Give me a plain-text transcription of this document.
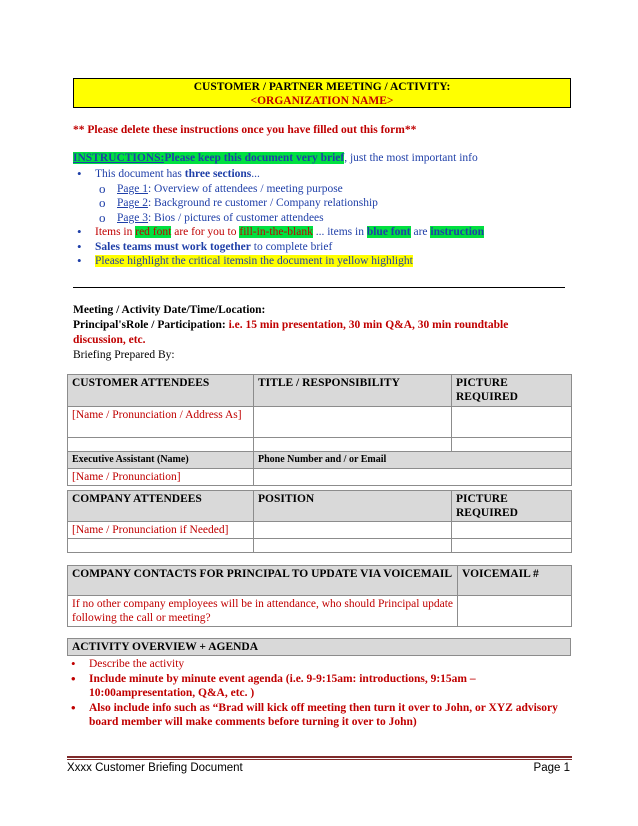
CUSTOMER / PARTNER MEETING / ACTIVITY:
<ORGANIZATION NAME>
** Please delete these instructions once you have filled out this form**
INSTRUCTIONS:Please keep this document very brief, just the most important info
• This document has three sections...
o Page 1: Overview of attendees / meeting purpose
o Page 2: Background re customer / Company relationship
o Page 3: Bios / pictures of customer attendees
• Items in red font are for you to fill-in-the-blank ... items in blue font are instruction
• Sales teams must work together to complete brief
• Please highlight the critical itemsin the document in yellow highlight
Meeting / Activity Date/Time/Location:
Principal'sRole / Participation: i.e. 15 min presentation, 30 min Q&A, 30 min roundtable
discussion, etc.
Briefing Prepared By:
CUSTOMER ATTENDEES	TITLE / RESPONSIBILITY	PICTURE REQUIRED
[Name / Pronunciation / Address As]		

Executive Assistant (Name)	Phone Number and / or Email	
[Name / Pronunciation]		
COMPANY ATTENDEES	POSITION	PICTURE REQUIRED
[Name / Pronunciation if Needed]		

COMPANY CONTACTS FOR PRINCIPAL TO UPDATE VIA VOICEMAIL	VOICEMAIL #
If no other company employees will be in attendance, who should Principal update following the call or meeting?	
ACTIVITY OVERVIEW + AGENDA
• Describe the activity
• Include minute by minute event agenda (i.e. 9-9:15am: introductions, 9:15am – 10:00ampresentation, Q&A, etc. )
• Also include info such as “Brad will kick off meeting then turn it over to John, or XYZ advisory board member will make comments before turning it over to John)
Xxxx Customer Briefing Document	Page 1
